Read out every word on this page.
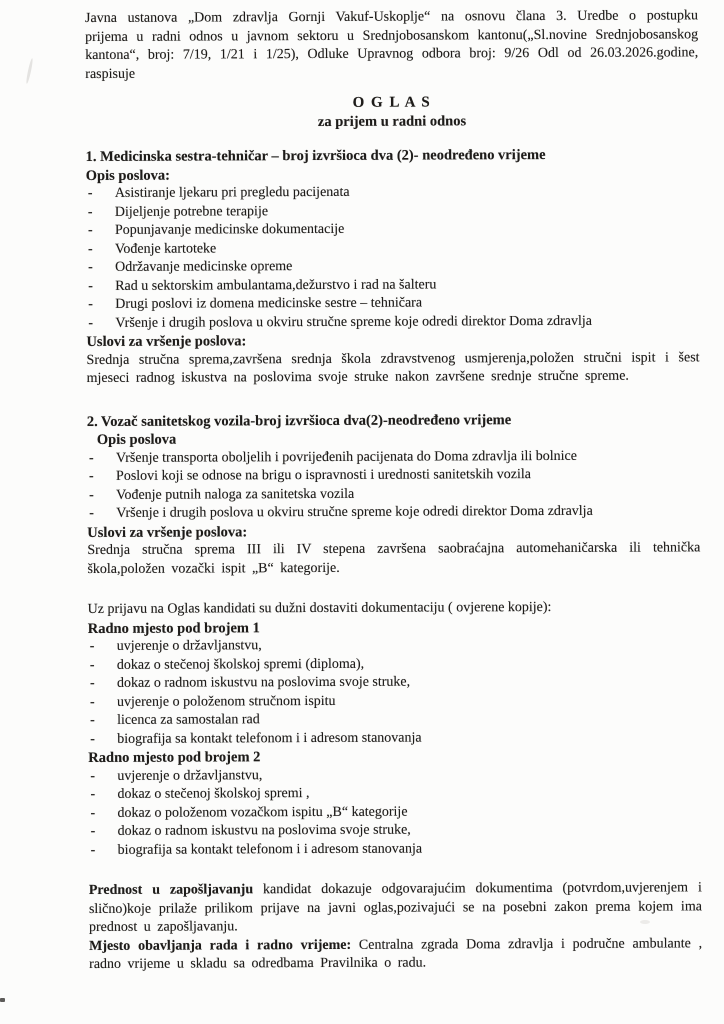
Javna ustanova „Dom zdravlja Gornji Vakuf-Uskoplje“ na osnovu člana 3. Uredbe o postupku prijema u radni odnos u javnom sektoru u Srednjobosanskom kantonu(„Sl.novine Srednjobosanskog kantona“, broj: 7/19, 1/21 i 1/25), Odluke Upravnog odbora broj: 9/26 Odl od 26.03.2026.godine, raspisuje

O G L A S
za prijem u radni odnos

1. Medicinska sestra-tehničar – broj izvršioca dva (2)- neodređeno vrijeme

Opis poslova:

-	Asistiranje ljekaru pri pregledu pacijenata
-	Dijeljenje potrebne terapije
-	Popunjavanje medicinske dokumentacije
-	Vođenje kartoteke
-	Održavanje medicinske opreme
-	Rad u sektorskim ambulantama,dežurstvo i rad na šalteru
-	Drugi poslovi iz domena medicinske sestre – tehničara
-	Vršenje i drugih poslova u okviru stručne spreme koje odredi direktor Doma zdravlja

Uslovi za vršenje poslova:

Srednja stručna sprema,završena srednja škola zdravstvenog usmjerenja,položen stručni ispit i šest mjeseci radnog iskustva na poslovima svoje struke nakon završene srednje stručne spreme.

2. Vozač sanitetskog vozila-broj izvršioca dva(2)-neodređeno vrijeme

Opis poslova

-	Vršenje transporta oboljelih i povrijeđenih pacijenata do Doma zdravlja ili bolnice
-	Poslovi koji se odnose na brigu o ispravnosti i urednosti sanitetskih vozila
-	Vođenje putnih naloga za sanitetska vozila
-	Vršenje i drugih poslova u okviru stručne spreme koje odredi direktor Doma zdravlja

Uslovi za vršenje poslova:

Srednja stručna sprema III ili IV stepena završena saobraćajna automehaničarska ili tehnička škola,položen vozački ispit „B“ kategorije.

Uz prijavu na Oglas kandidati su dužni dostaviti dokumentaciju ( ovjerene kopije):

Radno mjesto pod brojem 1

-	uvjerenje o državljanstvu,
-	dokaz o stečenoj školskoj spremi (diploma),
-	dokaz o radnom iskustvu na poslovima svoje struke,
-	uvjerenje o položenom stručnom ispitu
-	licenca za samostalan rad
-	biografija sa kontakt telefonom i i adresom stanovanja

Radno mjesto pod brojem 2

-	uvjerenje o državljanstvu,
-	dokaz o stečenoj školskoj spremi ,
-	dokaz o položenom vozačkom ispitu „B“ kategorije
-	dokaz o radnom iskustvu na poslovima svoje struke,
-	biografija sa kontakt telefonom i i adresom stanovanja

Prednost u zapošljavanju kandidat dokazuje odgovarajućim dokumentima (potvrdom,uvjerenjem i slično)koje prilaže prilikom prijave na javni oglas,pozivajući se na posebni zakon prema kojem ima prednost u zapošljavanju.

Mjesto obavljanja rada i radno vrijeme: Centralna zgrada Doma zdravlja i područne ambulante , radno vrijeme u skladu sa odredbama Pravilnika o radu.
